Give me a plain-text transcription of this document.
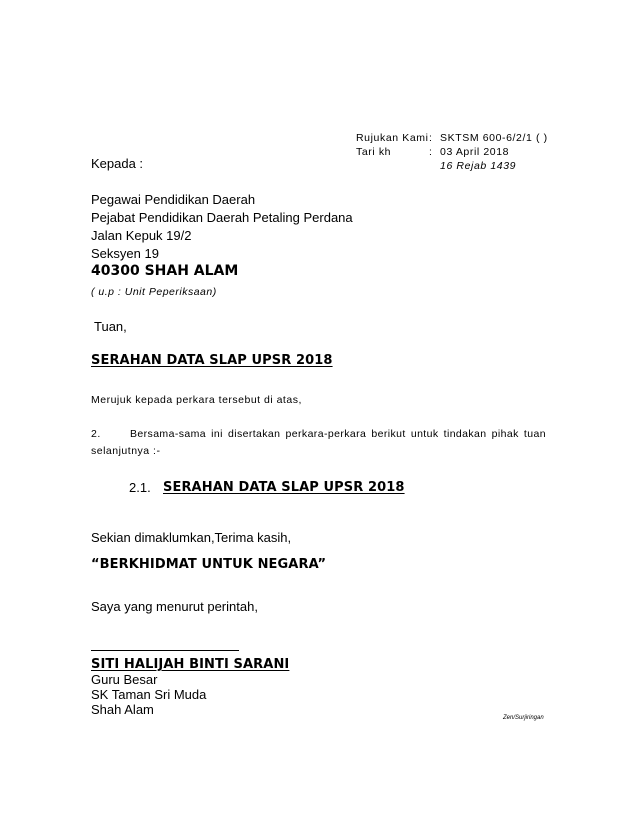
Rujukan Kami : SKTSM 600-6/2/1 ( )
Tari kh	: 03 April 2018
16 Rejab 1439
Kepada :
Pegawai Pendidikan Daerah
Pejabat Pendidikan Daerah Petaling Perdana
Jalan Kepuk 19/2
Seksyen 19
40300 SHAH ALAM
( u.p : Unit Peperiksaan)
Tuan,
SERAHAN DATA SLAP UPSR 2018
Merujuk kepada perkara tersebut di atas,
2.	Bersama-sama ini disertakan perkara-perkara berikut untuk tindakan pihak tuan
selanjutnya :-
2.1. SERAHAN DATA SLAP UPSR 2018
Sekian dimaklumkan,Terima kasih,
“BERKHIDMAT UNTUK NEGARA”
Saya yang menurut perintah,
SITI HALIJAH BINTI SARANI
Guru Besar
SK Taman Sri Muda
Shah Alam
Zen/Surjiringan
